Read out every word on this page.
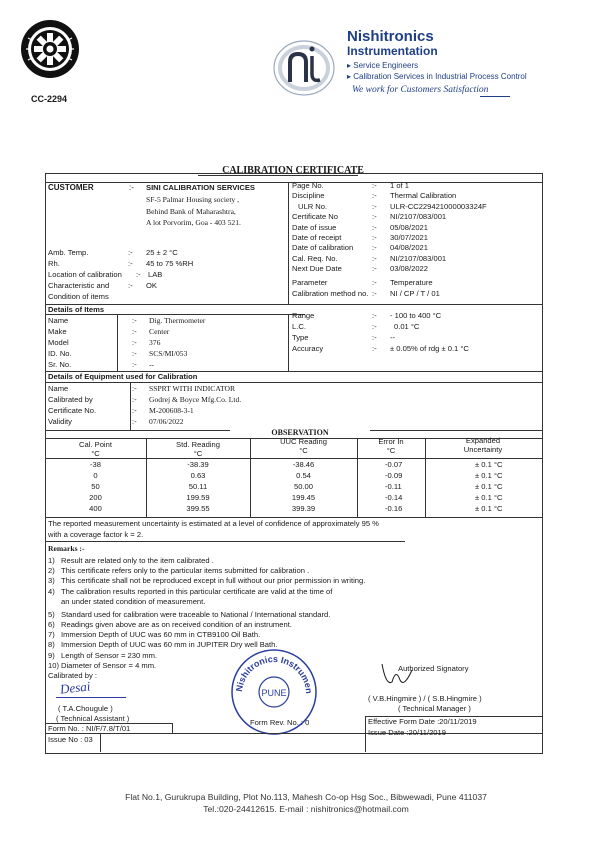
CC-2294
Nishitronics
Instrumentation
▸ Service Engineers
▸ Calibration Services in Industrial Process Control
We work for Customers Satisfaction
CALIBRATION CERTIFICATE
CUSTOMER	:- SINI CALIBRATION SERVICES
SF-5 Palmar Housing society ,
Behind Bank of Maharashtra,
A lot Porvorim, Goa - 403 521.
Amb. Temp.	:- 25 ± 2 °C
Rh.	:- 45 to 75 %RH
Location of calibration :- LAB
Characteristic and :- OK
Condition of items
Page No.	:- 1 of 1
Discipline	:- Thermal Calibration
ULR No.	:- ULR-CC229421000003324F
Certificate No	:- NI/2107/083/001
Date of issue	:- 05/08/2021
Date of receipt	:- 30/07/2021
Date of calibration :- 04/08/2021
Cal. Req. No.	:- NI/2107/083/001
Next Due Date	:- 03/08/2022
Parameter	:- Temperature
Calibration method no. :- NI / CP / T / 01
Details of Items
Name	:- Dig. Thermometer
Make	:- Center
Model	:- 376
ID. No.	:- SCS/MI/053
Sr. No.	:- --
Range	:- - 100 to 400 °C
L.C.	:- 0.01 °C
Type	:- --
Accuracy	:- ± 0.05% of rdg ± 0.1 °C
Details of Equipment used for Calibration
Name	:- SSPRT WITH INDICATOR
Calibrated by	:- Godrej & Boyce Mfg.Co. Ltd.
Certificate No.	:- M-200608-3-1
Validity	:- 07/06/2022
OBSERVATION
Cal. Point
°C
Std. Reading
°C
UUC Reading
°C
Error In
°C
Expanded
Uncertainty
-38	-38.39	-38.46	-0.07	± 0.1 °C
0	0.63	0.54	-0.09	± 0.1 °C
50	50.11	50.00	-0.11	± 0.1 °C
200	199.59	199.45	-0.14	± 0.1 °C
400	399.55	399.39	-0.16	± 0.1 °C
The reported measurement uncertainty is estimated at a level of confidence of approximately 95 %
with a coverage factor k = 2.
Remarks :-
1) Result are related only to the item calibrated .
2) This certificate refers only to the particular items submitted for calibration .
3) This certificate shall not be reproduced except in full without our prior permission in writing.
4) The calibration results reported in this particular certificate are valid at the time of
an under stated condition of measurement.
5) Standard used for calibration were traceable to National / International standard.
6) Readings given above are as on received condition of an instrument.
7) Immersion Depth of UUC was 60 mm in CTB9100 Oil Bath.
8) Immersion Depth of UUC was 60 mm in JUPITER Dry well Bath.
9) Length of Sensor = 230 mm.
10) Diameter of Sensor = 4 mm.
Calibrated by :
Desai
( T.A.Chougule )
( Technical Assistant )
Nishitronics Instrumen
PUNE
Authorized Signatory
( V.B.Hingmire ) / ( S.B.Hingmire )
( Technical Manager )
Form No. : NI/F/7.8/T/01
Form Rev. No. : 0	Effective Form Date :20/11/2019
Issue No : 03
Issue Date :20/11/2019
Flat No.1, Gurukrupa Building, Plot No.113, Mahesh Co-op Hsg Soc., Bibwewadi, Pune 411037
Tel.:020-24412615. E-mail : nishitronics@hotmail.com
